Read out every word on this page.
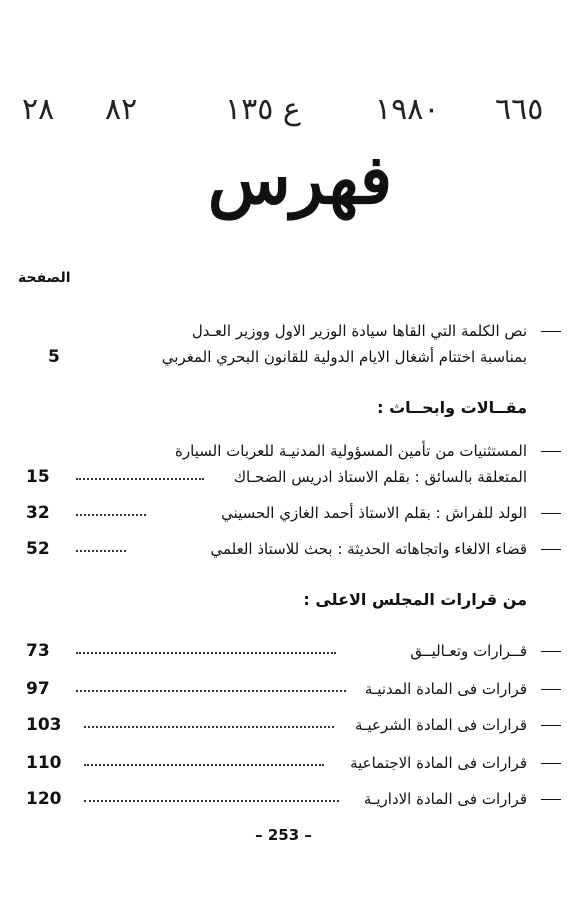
٢٨ ٨٢	ع ١٣٥ ١٩٨٠ ٦٦٥
فهرس
الصفحة
نص الكلمة التي القاها سيادة الوزير الاول ووزير العـدل
بمناسبة اختتام أشغال الايام الدولية للقانون البحري المغربي
5
مقــالات وابحــاث :
المستثنيات من تأمين المسؤولية المدنيـة للعربات السيارة
المتعلقة بالسائق : بقلم الاستاذ ادريس الضحـاك
15
الولد للفراش : بقلم الاستاذ أحمد الغازي الحسيني
32
قضاء الالغاء واتجاهاته الحديثة : بحث للاستاذ العلمي
52
من قرارات المجلس الاعلى :
قــرارات وتعـاليــق
73
قرارات فى المادة المدنيـة
97
قرارات فى المادة الشرعيـة
103
قرارات فى المادة الاجتماعية
110
قرارات فى المادة الاداريـة
120
– 253 –
